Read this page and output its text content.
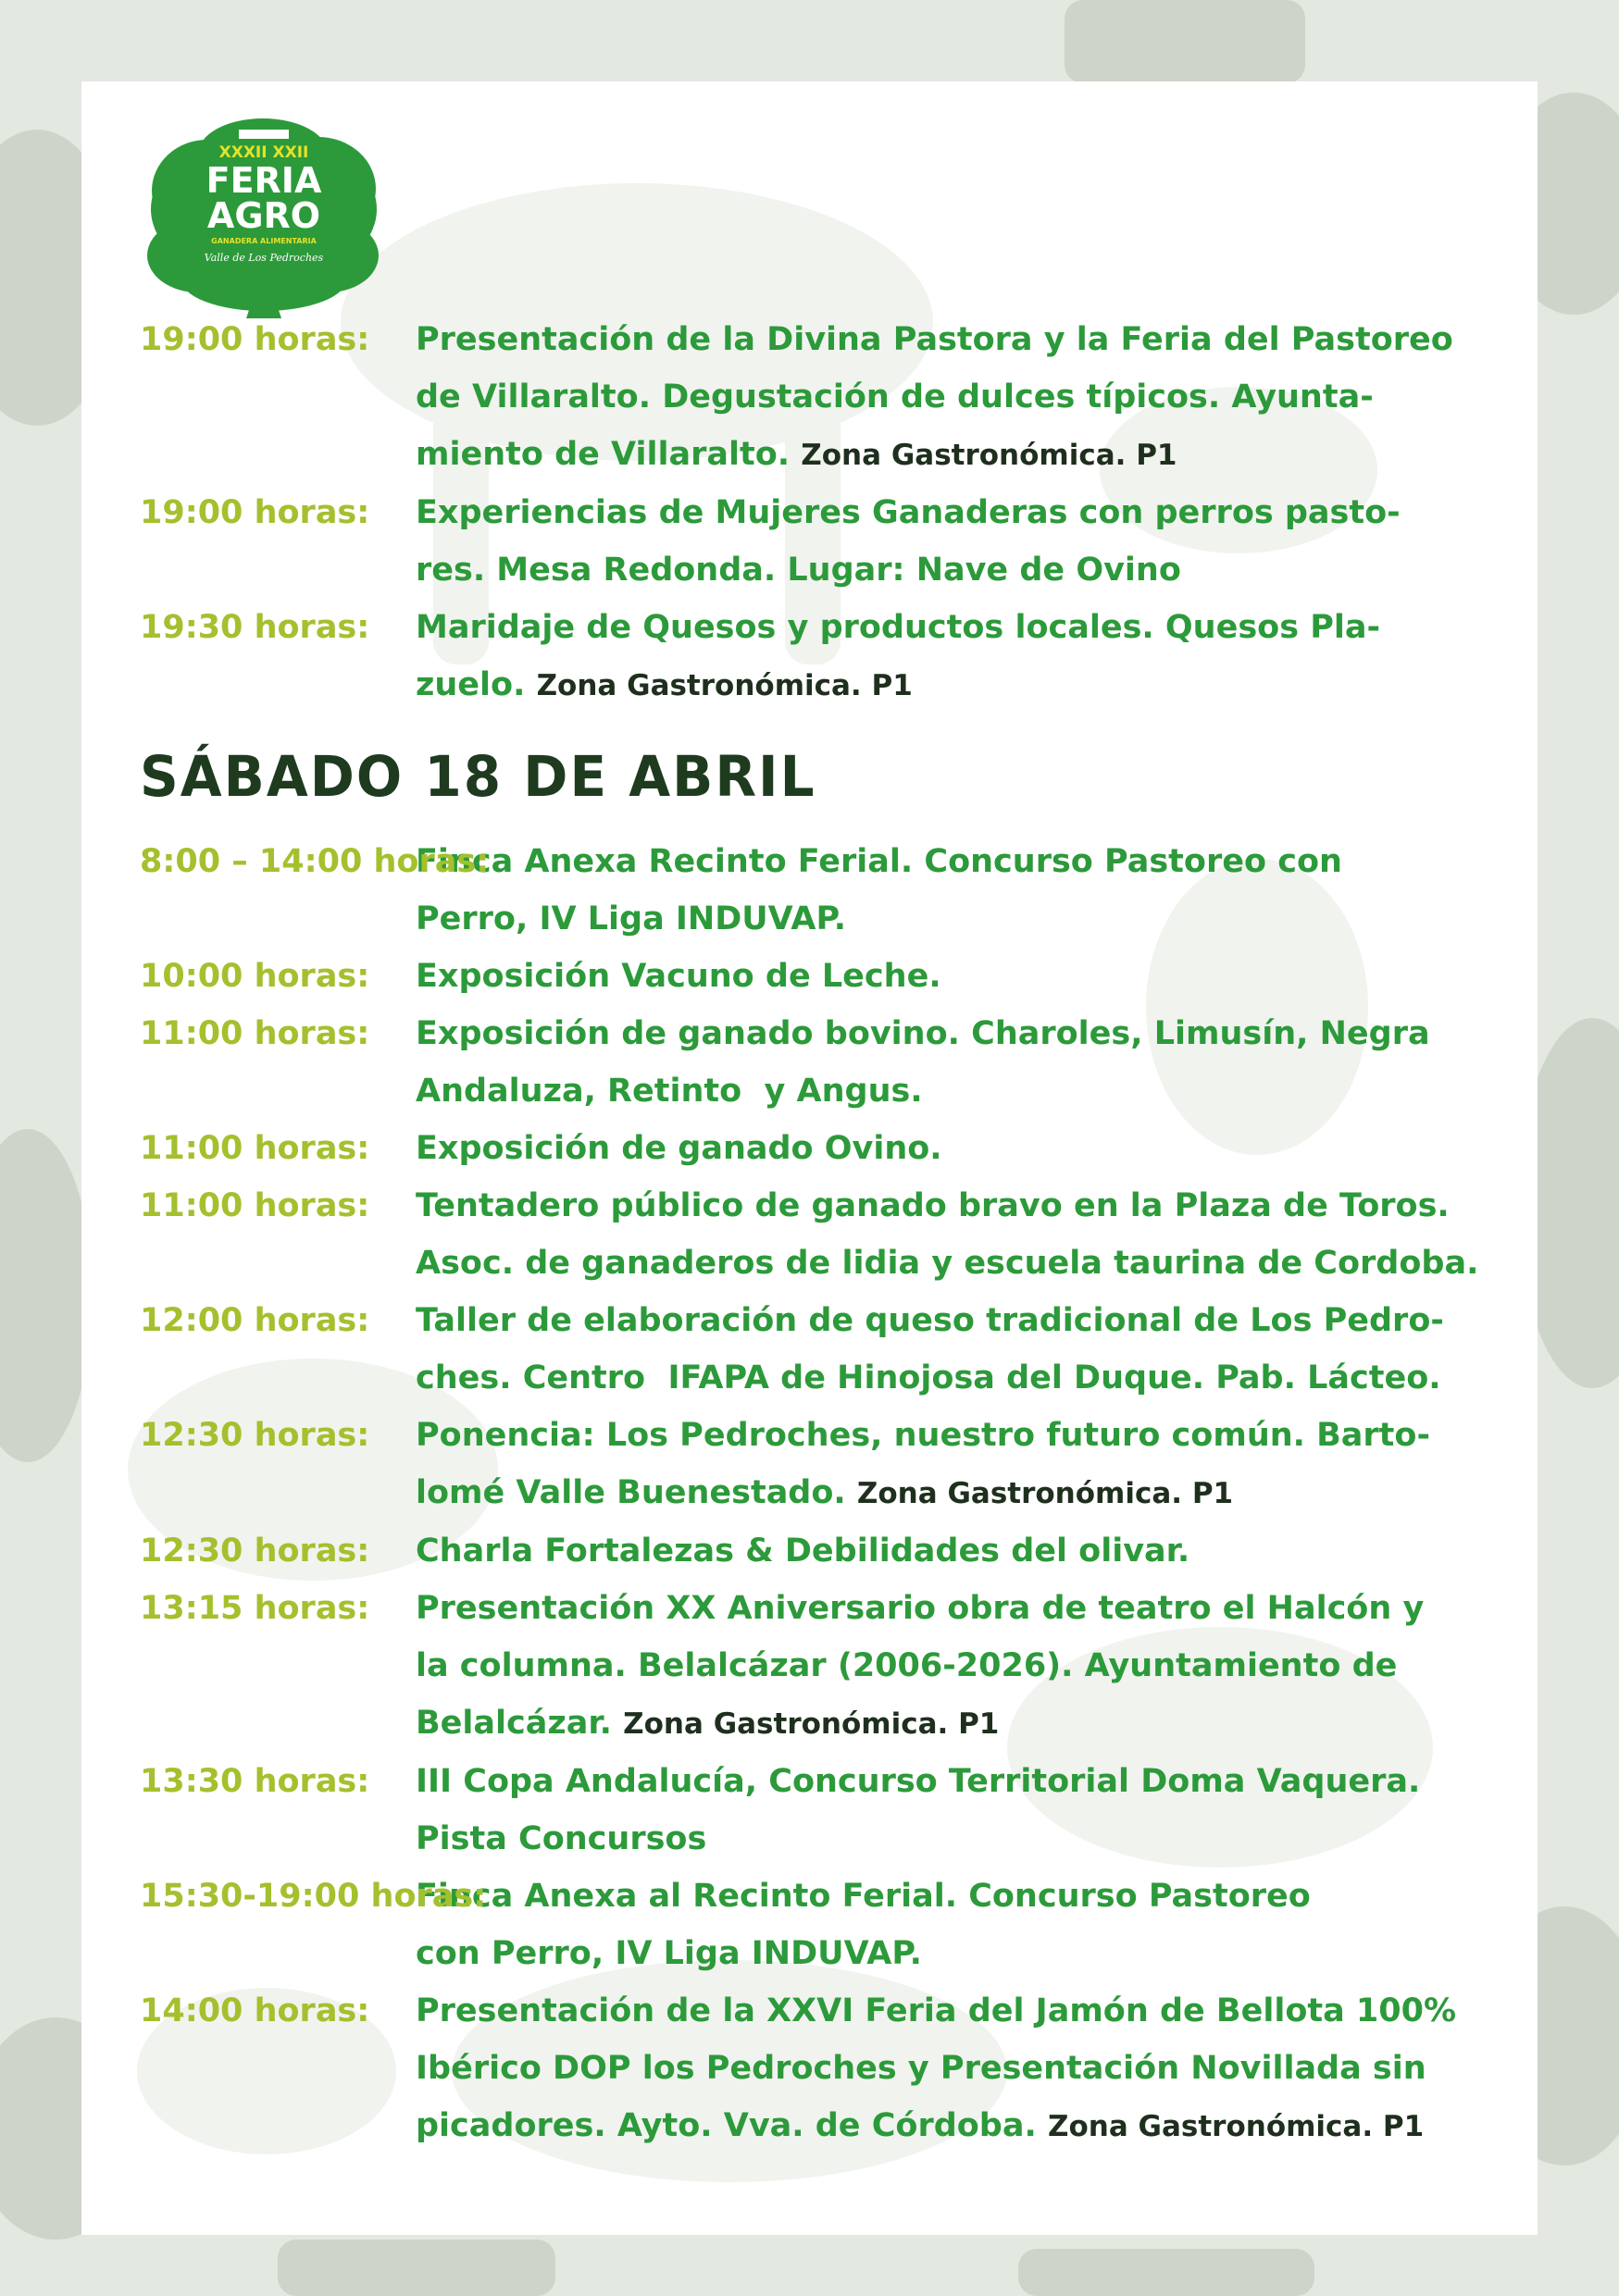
XXXII XXII
FERIA
AGRO
GANADERA ALIMENTARIA
Valle de Los Pedroches
19:00 horas: Presentación de la Divina Pastora y la Feria del Pastoreo
de Villaralto. Degustación de dulces típicos. Ayunta-
miento de Villaralto. Zona Gastronómica. P1
19:00 horas: Experiencias de Mujeres Ganaderas con perros pasto-
res. Mesa Redonda. Lugar: Nave de Ovino
19:30 horas: Maridaje de Quesos y productos locales. Quesos Pla-
zuelo. Zona Gastronómica. P1
SÁBADO 18 DE ABRIL
8:00 – 14:00 horas:
Finca Anexa Recinto Ferial. Concurso Pastoreo con
Perro, IV Liga INDUVAP.
10:00 horas: Exposición Vacuno de Leche.
11:00 horas: Exposición de ganado bovino. Charoles, Limusín, Negra
Andaluza, Retinto  y Angus.
11:00 horas: Exposición de ganado Ovino.
11:00 horas: Tentadero público de ganado bravo en la Plaza de Toros.
Asoc. de ganaderos de lidia y escuela taurina de Cordoba.
12:00 horas: Taller de elaboración de queso tradicional de Los Pedro-
ches. Centro  IFAPA de Hinojosa del Duque. Pab. Lácteo.
12:30 horas: Ponencia: Los Pedroches, nuestro futuro común. Barto-
lomé Valle Buenestado. Zona Gastronómica. P1
12:30 horas: Charla Fortalezas & Debilidades del olivar.
13:15 horas: Presentación XX Aniversario obra de teatro el Halcón y
la columna. Belalcázar (2006-2026). Ayuntamiento de
Belalcázar. Zona Gastronómica. P1
13:30 horas: III Copa Andalucía, Concurso Territorial Doma Vaquera.
Pista Concursos
15:30-19:00 horas:
Finca Anexa al Recinto Ferial. Concurso Pastoreo
con Perro, IV Liga INDUVAP.
14:00 horas: Presentación de la XXVI Feria del Jamón de Bellota 100%
Ibérico DOP los Pedroches y Presentación Novillada sin
picadores. Ayto. Vva. de Córdoba. Zona Gastronómica. P1
